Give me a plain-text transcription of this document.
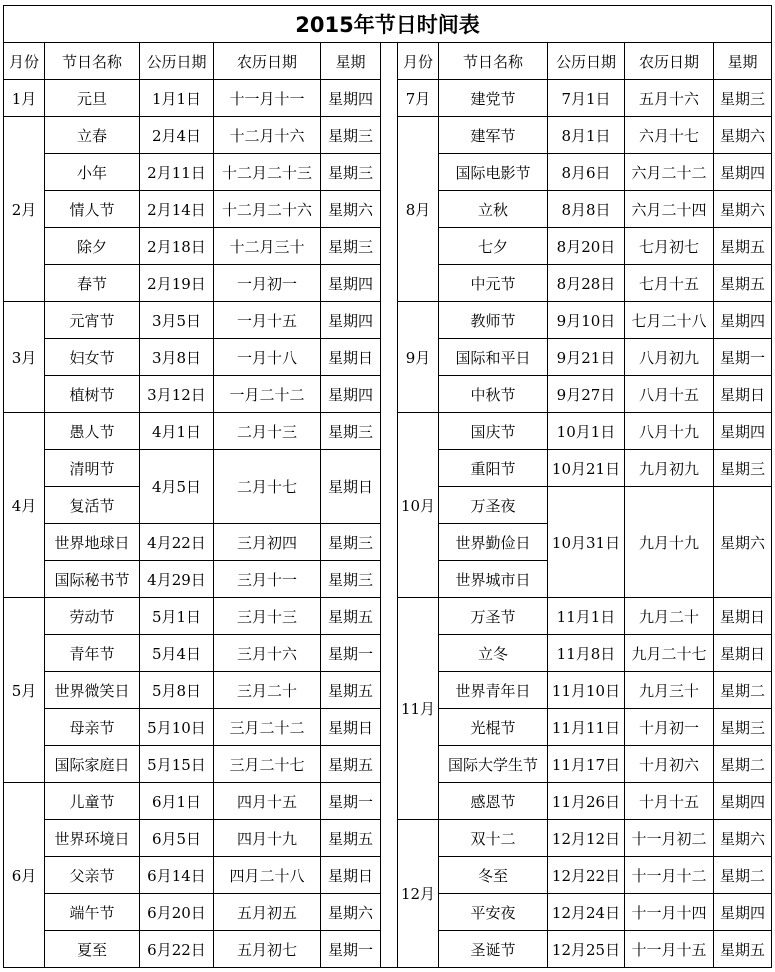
2015年节日时间表										
月份	节日名称	公历日期	农历日期	星期		月份	节日名称	公历日期	农历日期	星期
1月	元旦	1月1日	十一月十一	星期四		7月	建党节	7月1日	五月十六	星期三
2月	立春	2月4日	十二月十六	星期三		8月	建军节	8月1日	六月十七	星期六
	小年	2月11日	十二月二十三	星期三			国际电影节	8月6日	六月二十二	星期四
	情人节	2月14日	十二月二十六	星期六			立秋	8月8日	六月二十四	星期六
	除夕	2月18日	十二月三十	星期三			七夕	8月20日	七月初七	星期五
	春节	2月19日	一月初一	星期四			中元节	8月28日	七月十五	星期五
3月	元宵节	3月5日	一月十五	星期四		9月	教师节	9月10日	七月二十八	星期四
	妇女节	3月8日	一月十八	星期日			国际和平日	9月21日	八月初九	星期一
	植树节	3月12日	一月二十二	星期四			中秋节	9月27日	八月十五	星期日
4月	愚人节	4月1日	二月十三	星期三		10月	国庆节	10月1日	八月十九	星期四
	清明节	4月5日	二月十七	星期日			重阳节	10月21日	九月初九	星期三
	复活节						万圣夜	10月31日	九月十九	星期六
	世界地球日	4月22日	三月初四	星期三			世界勤俭日			
	国际秘书节	4月29日	三月十一	星期三			世界城市日			
5月	劳动节	5月1日	三月十三	星期五		11月	万圣节	11月1日	九月二十	星期日
	青年节	5月4日	三月十六	星期一			立冬	11月8日	九月二十七	星期日
	世界微笑日	5月8日	三月二十	星期五			世界青年日	11月10日	九月三十	星期二
	母亲节	5月10日	三月二十二	星期日			光棍节	11月11日	十月初一	星期三
	国际家庭日	5月15日	三月二十七	星期五			国际大学生节	11月17日	十月初六	星期二
6月	儿童节	6月1日	四月十五	星期一			感恩节	11月26日	十月十五	星期四
	世界环境日	6月5日	四月十九	星期五		12月	双十二	12月12日	十一月初二	星期六
	父亲节	6月14日	四月二十八	星期日			冬至	12月22日	十一月十二	星期二
	端午节	6月20日	五月初五	星期六			平安夜	12月24日	十一月十四	星期四
	夏至	6月22日	五月初七	星期一			圣诞节	12月25日	十一月十五	星期五
